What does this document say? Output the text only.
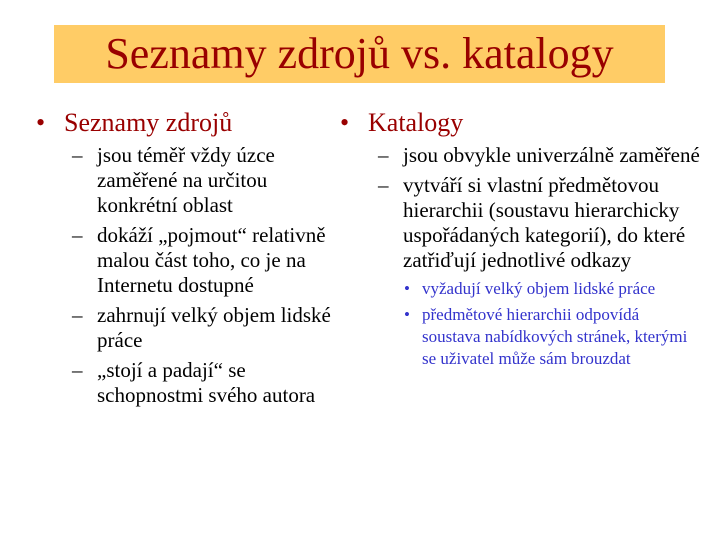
Seznamy zdrojů vs. katalogy
• Seznamy zdrojů
– jsou téměř vždy úzce zaměřené na určitou konkrétní oblast
– dokáží „pojmout“ relativně malou část toho, co je na Internetu dostupné
– zahrnují velký objem lidské práce
– „stojí a padají“ se schopnostmi svého autora
• Katalogy
– jsou obvykle univerzálně zaměřené
– vytváří si vlastní předmětovou hierarchii (soustavu hierarchicky uspořádaných kategorií), do které zatřiďují jednotlivé odkazy
• vyžadují velký objem lidské práce
• předmětové hierarchii odpovídá soustava nabídkových stránek, kterými se uživatel může sám brouzdat
